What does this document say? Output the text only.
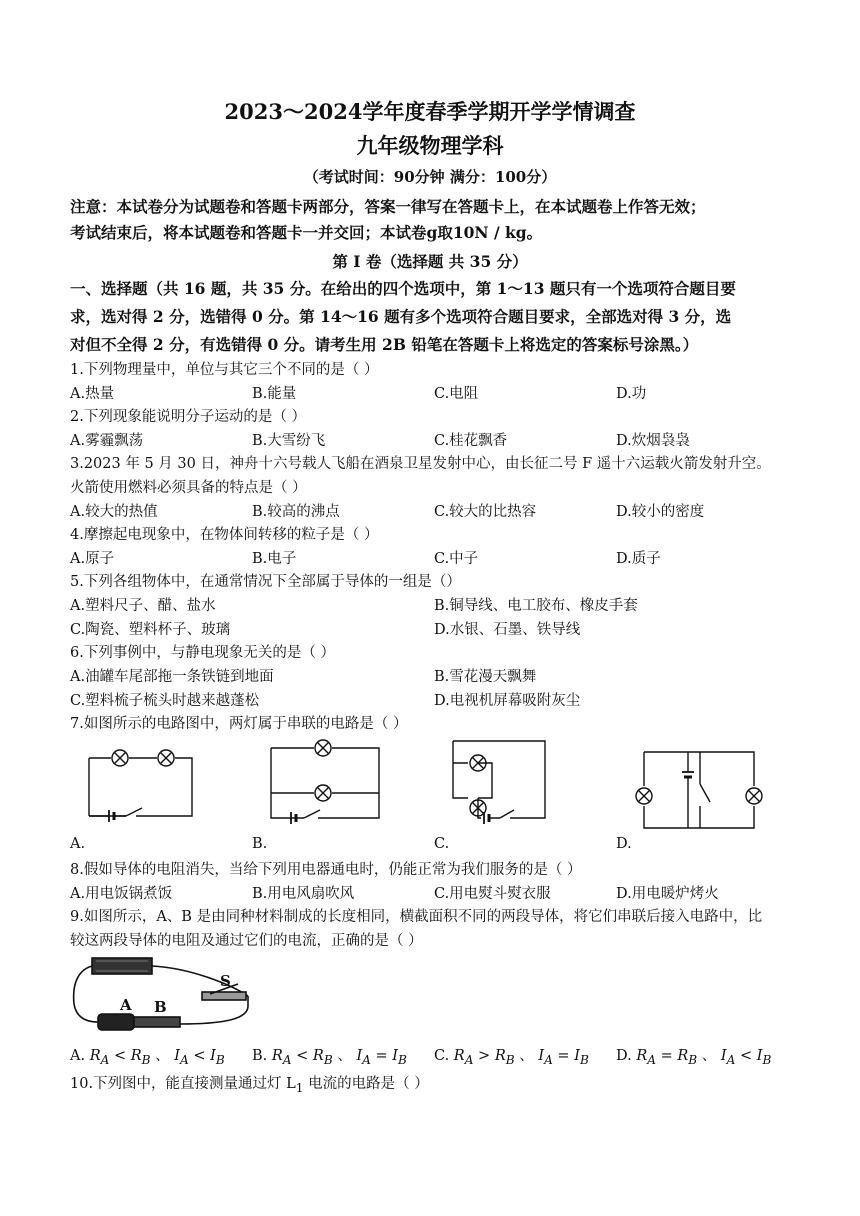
2023～2024学年度春季学期开学学情调查
九年级物理学科
（考试时间：90分钟 满分：100分）
注意：本试卷分为试题卷和答题卡两部分，答案一律写在答题卡上，在本试题卷上作答无效；
考试结束后，将本试题卷和答题卡一并交回；本试卷g取10N / kg。
第 I 卷（选择题 共 35 分）
一、选择题（共 16 题，共 35 分。在给出的四个选项中，第 1～13 题只有一个选项符合题目要
求，选对得 2 分，选错得 0 分。第 14～16 题有多个选项符合题目要求，全部选对得 3 分，选
对但不全得 2 分，有选错得 0 分。请考生用 2B 铅笔在答题卡上将选定的答案标号涂黑。）
1.下列物理量中，单位与其它三个不同的是（ ）
A.热量	B.能量	C.电阻	D.功
2.下列现象能说明分子运动的是（ ）
A.雾霾飘荡	B.大雪纷飞	C.桂花飘香	D.炊烟袅袅
3.2023 年 5 月 30 日，神舟十六号载人飞船在酒泉卫星发射中心，由长征二号 F 遥十六运载火箭发射升空。
火箭使用燃料必须具备的特点是（ ）
A.较大的热值	B.较高的沸点	C.较大的比热容	D.较小的密度
4.摩擦起电现象中，在物体间转移的粒子是（ ）
A.原子	B.电子	C.中子	D.质子
5.下列各组物体中，在通常情况下全部属于导体的一组是（）
A.塑料尺子、醋、盐水	B.铜导线、电工胶布、橡皮手套
C.陶瓷、塑料杯子、玻璃	D.水银、石墨、铁导线
6.下列事例中，与静电现象无关的是（ ）
A.油罐车尾部拖一条铁链到地面	B.雪花漫天飘舞
C.塑料梳子梳头时越来越蓬松	D.电视机屏幕吸附灰尘
7.如图所示的电路图中，两灯属于串联的电路是（ ）
A.	B.	C.	D.
8.假如导体的电阻消失，当给下列用电器通电时，仍能正常为我们服务的是（ ）
A.用电饭锅煮饭	B.用电风扇吹风	C.用电熨斗熨衣服	D.用电暖炉烤火
9.如图所示，A、B 是由同种材料制成的长度相同，横截面积不同的两段导体，将它们串联后接入电路中，比
较这两段导体的电阻及通过它们的电流，正确的是（ ）
S
A B
A. $R_A < R_B$ 、 $I_A < I_B$ B. $R_A < R_B$ 、 $I_A = I_B$ C. $R_A > R_B$ 、 $I_A = I_B$ D. $R_A = R_B$ 、 $I_A < I_B$
10.下列图中，能直接测量通过灯 $L_1$ 电流的电路是（ ）
